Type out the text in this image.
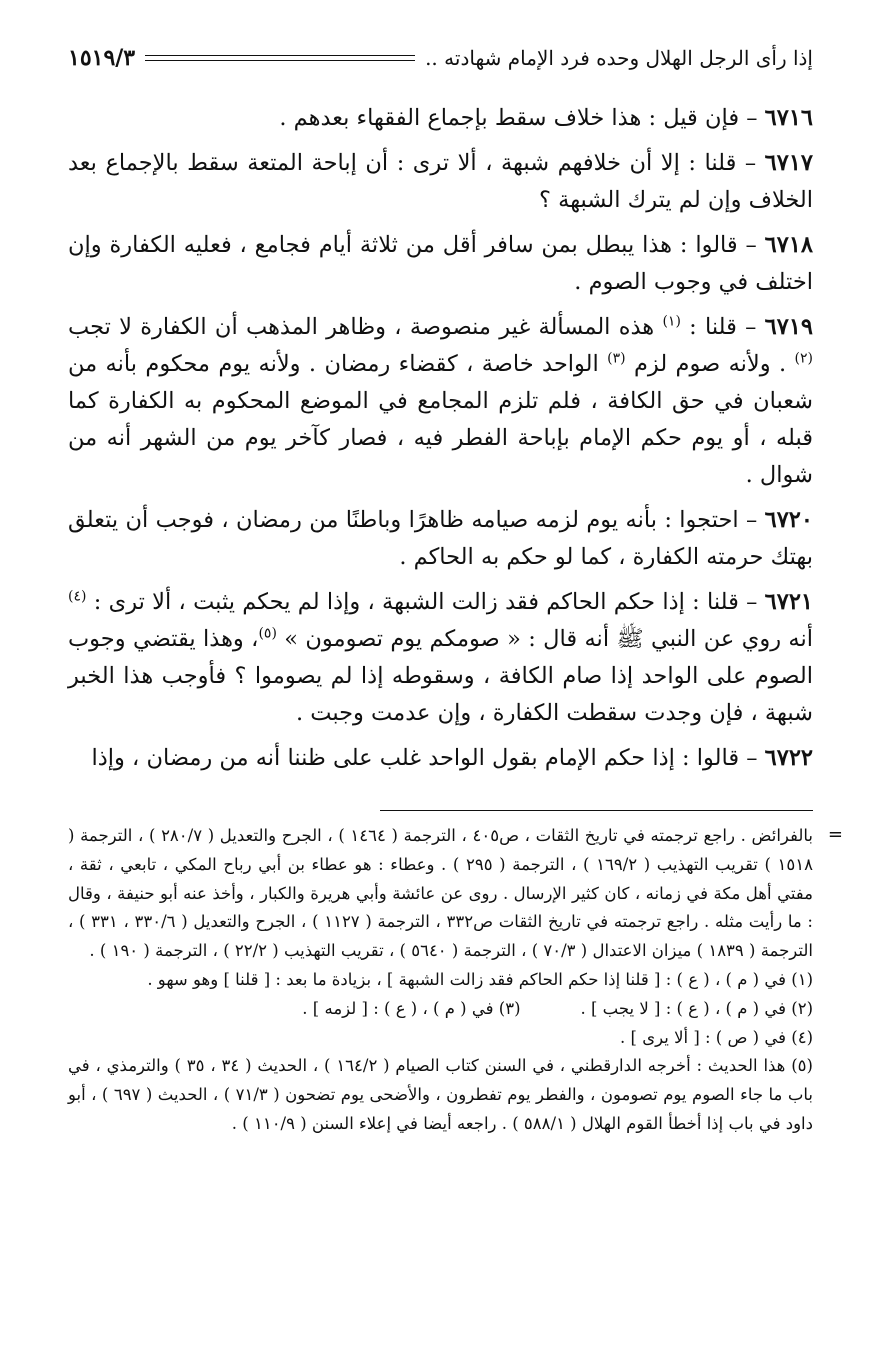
إذا رأى الرجل الهلال وحده فرد الإمام شهادته ..
١٥١٩/٣

٦٧١٦ – فإن قيل : هذا خلاف سقط بإجماع الفقهاء بعدهم .

٦٧١٧ – قلنا : إلا أن خلافهم شبهة ، ألا ترى : أن إباحة المتعة سقط بالإجماع بعد الخلاف وإن لم يترك الشبهة ؟

٦٧١٨ – قالوا : هذا يبطل بمن سافر أقل من ثلاثة أيام فجامع ، فعليه الكفارة وإن اختلف في وجوب الصوم .

٦٧١٩ – قلنا : $^{(١)}$ هذه المسألة غير منصوصة ، وظاهر المذهب أن الكفارة لا تجب $^{(٢)}$ . ولأنه صوم لزم $^{(٣)}$ الواحد خاصة ، كقضاء رمضان . ولأنه يوم محكوم بأنه من شعبان في حق الكافة ، فلم تلزم المجامع في الموضع المحكوم به الكفارة كما قبله ، أو يوم حكم الإمام بإباحة الفطر فيه ، فصار كآخر يوم من الشهر أنه من شوال .

٦٧٢٠ – احتجوا : بأنه يوم لزمه صيامه ظاهرًا وباطنًا من رمضان ، فوجب أن يتعلق بهتك حرمته الكفارة ، كما لو حكم به الحاكم .

٦٧٢١ – قلنا : إذا حكم الحاكم فقد زالت الشبهة ، وإذا لم يحكم يثبت ، ألا ترى : $^{(٤)}$ أنه روي عن النبي ﷺ أنه قال : « صومكم يوم تصومون » $^{(٥)}$، وهذا يقتضي وجوب الصوم على الواحد إذا صام الكافة ، وسقوطه إذا لم يصوموا ؟ فأوجب هذا الخبر شبهة ، فإن وجدت سقطت الكفارة ، وإن عدمت وجبت .

٦٧٢٢ – قالوا : إذا حكم الإمام بقول الواحد غلب على ظننا أنه من رمضان ، وإذا

=

بالفرائض . راجع ترجمته في تاريخ الثقات ، ص٤٠٥ ، الترجمة ( ١٤٦٤ ) ، الجرح والتعديل ( ٢٨٠/٧ ) ، الترجمة ( ١٥١٨ ) تقريب التهذيب ( ١٦٩/٢ ) ، الترجمة ( ٢٩٥ ) . وعطاء : هو عطاء بن أبي رباح المكي ، تابعي ، ثقة ، مفتي أهل مكة في زمانه ، كان كثير الإرسال . روى عن عائشة وأبي هريرة والكبار ، وأخذ عنه أبو حنيفة ، وقال : ما رأيت مثله . راجع ترجمته في تاريخ الثقات ص٣٣٢ ، الترجمة ( ١١٢٧ ) ، الجرح والتعديل ( ٣٣٠/٦ ، ٣٣١ ) ، الترجمة ( ١٨٣٩ ) ميزان الاعتدال ( ٧٠/٣ ) ، الترجمة ( ٥٦٤٠ ) ، تقريب التهذيب ( ٢٢/٢ ) ، الترجمة ( ١٩٠ ) .

(١) في ( م ) ، ( ع ) : [ قلنا إذا حكم الحاكم فقد زالت الشبهة ] ، بزيادة ما بعد : [ قلنا ] وهو سهو .

(٢) في ( م ) ، ( ع ) : [ لا يجب ] .
(٣) في ( م ) ، ( ع ) : [ لزمه ] .

(٤) في ( ص ) : [ ألا يرى ] .

(٥) هذا الحديث : أخرجه الدارقطني ، في السنن كتاب الصيام ( ١٦٤/٢ ) ، الحديث ( ٣٤ ، ٣٥ ) والترمذي ، في باب ما جاء الصوم يوم تصومون ، والفطر يوم تفطرون ، والأضحى يوم تضحون ( ٧١/٣ ) ، الحديث ( ٦٩٧ ) ، أبو داود في باب إذا أخطأ القوم الهلال ( ٥٨٨/١ ) . راجعه أيضا في إعلاء السنن ( ١١٠/٩ ) .
